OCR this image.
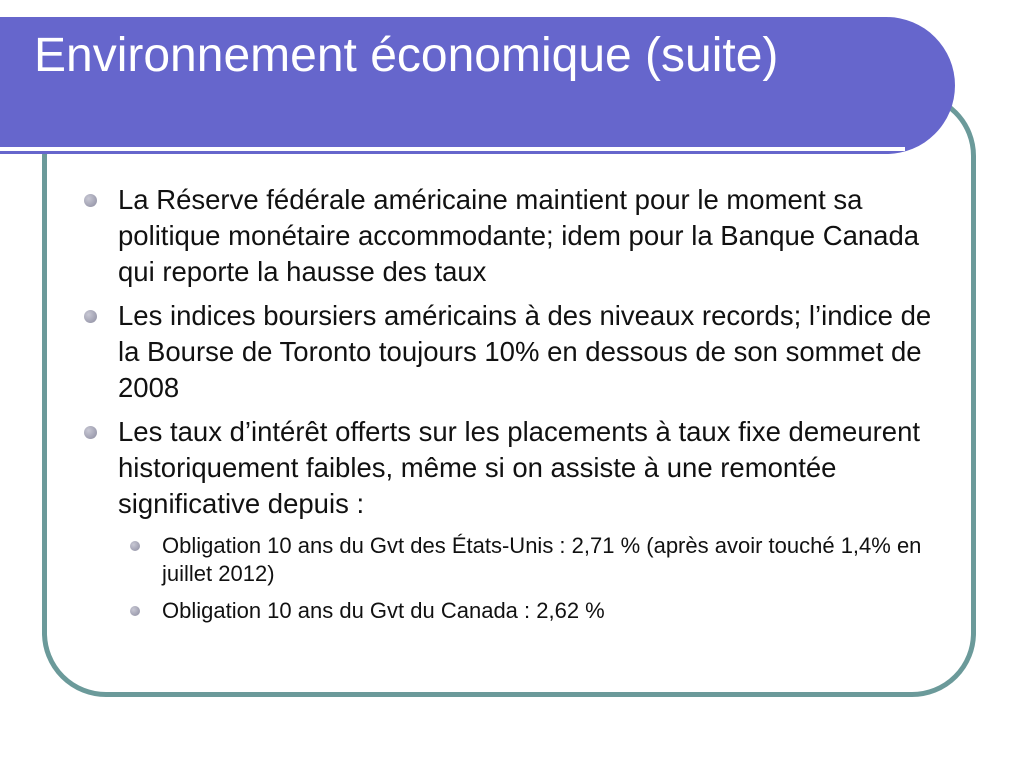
Environnement économique (suite)
La Réserve fédérale américaine maintient pour le moment sa politique monétaire accommodante; idem pour la Banque Canada qui reporte la hausse des taux
Les indices boursiers américains à des niveaux records; l’indice de la Bourse de Toronto toujours 10% en dessous de son sommet de 2008
Les taux d’intérêt offerts sur les placements à taux fixe demeurent historiquement faibles, même si on assiste à une remontée significative depuis :
Obligation 10 ans du Gvt des États-Unis : 2,71 % (après avoir touché 1,4% en juillet 2012)
Obligation 10 ans du Gvt du Canada : 2,62 %
